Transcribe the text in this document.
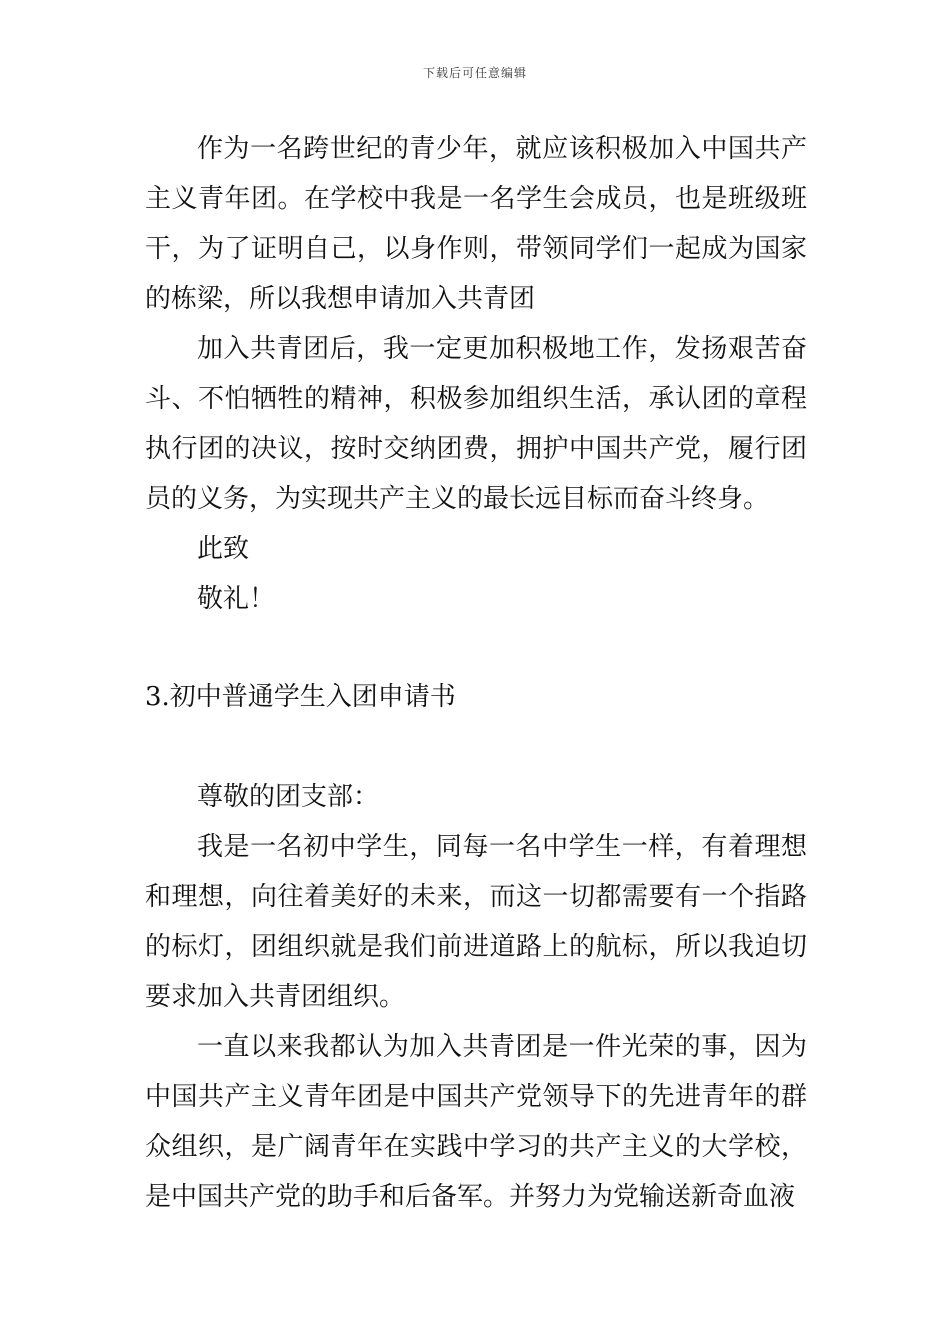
下载后可任意编辑

作为一名跨世纪的青少年，就应该积极加入中国共产主义青年团。在学校中我是一名学生会成员，也是班级班干，为了证明自己，以身作则，带领同学们一起成为国家的栋梁，所以我想申请加入共青团

加入共青团后，我一定更加积极地工作，发扬艰苦奋斗、不怕牺牲的精神，积极参加组织生活，承认团的章程执行团的决议，按时交纳团费，拥护中国共产党，履行团员的义务，为实现共产主义的最长远目标而奋斗终身。

此致

敬礼！

3.初中普通学生入团申请书

尊敬的团支部：

我是一名初中学生，同每一名中学生一样，有着理想和理想，向往着美好的未来，而这一切都需要有一个指路的标灯，团组织就是我们前进道路上的航标，所以我迫切要求加入共青团组织。

一直以来我都认为加入共青团是一件光荣的事，因为中国共产主义青年团是中国共产党领导下的先进青年的群众组织，是广阔青年在实践中学习的共产主义的大学校，是中国共产党的助手和后备军。并努力为党输送新奇血液
